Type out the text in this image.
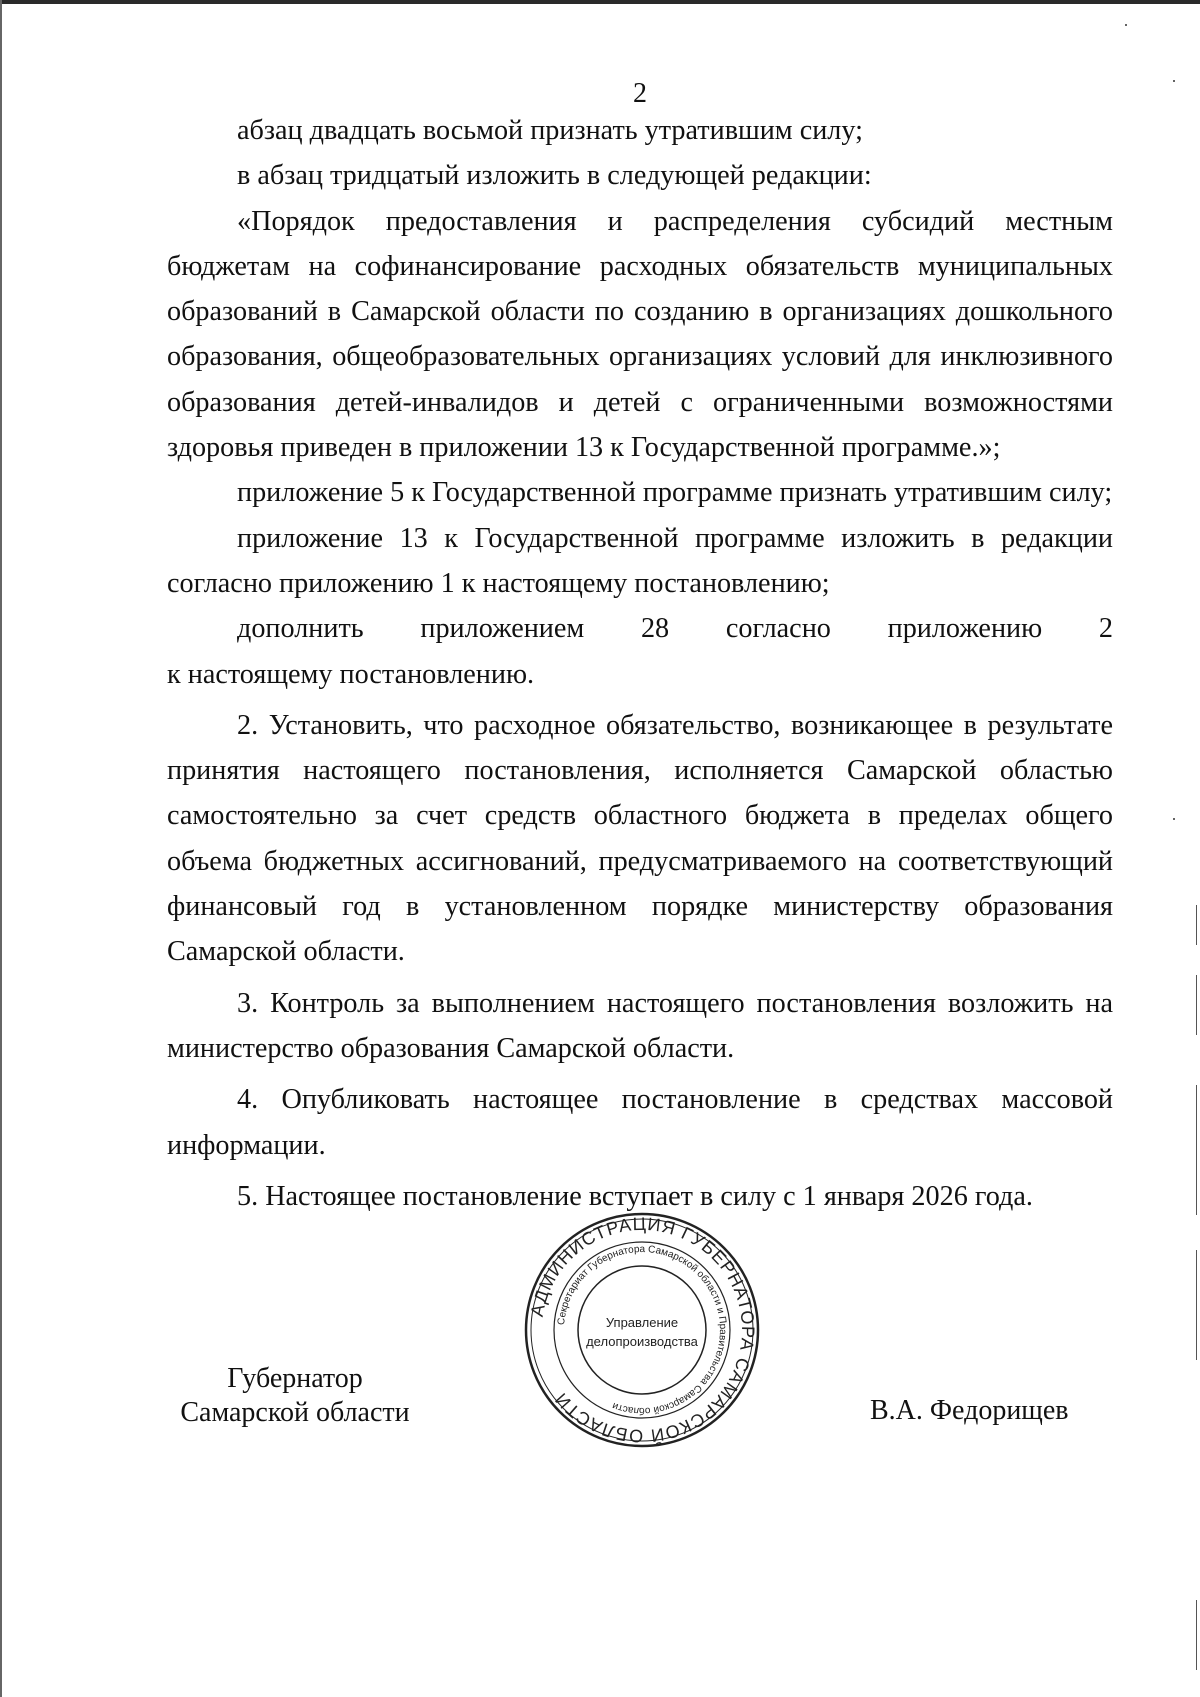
2

абзац двадцать восьмой признать утратившим силу;

в абзац тридцатый изложить в следующей редакции:

«Порядок предоставления и распределения субсидий местным бюджетам на софинансирование расходных обязательств муниципальных образований в Самарской области по созданию в организациях дошкольного образования, общеобразовательных организациях условий для инклюзивного образования детей-инвалидов и детей с ограниченными возможностями здоровья приведен в приложении 13 к Государственной программе.»;

приложение 5 к Государственной программе признать утратившим силу;

приложение 13 к Государственной программе изложить в редакции согласно приложению 1 к настоящему постановлению;

дополнить приложением 28 согласно приложению 2

к настоящему постановлению.

2. Установить, что расходное обязательство, возникающее в результате принятия настоящего постановления, исполняется Самарской областью самостоятельно за счет средств областного бюджета в пределах общего объема бюджетных ассигнований, предусматриваемого на соответствующий финансовый год в установленном порядке министерству образования Самарской области.

3. Контроль за выполнением настоящего постановления возложить на министерство образования Самарской области.

4. Опубликовать настоящее постановление в средствах массовой информации.

5. Настоящее постановление вступает в силу с 1 января 2026 года.

Губернатор
Самарской области	В.А. Федорищев
АДМИНИСТРАЦИЯ ГУБЕРНАТОРА САМАРСКОЙ ОБЛАСТИ
Секретариат Губернатора Самарской области и Правительства Самарской области
Управление
делопроизводства
